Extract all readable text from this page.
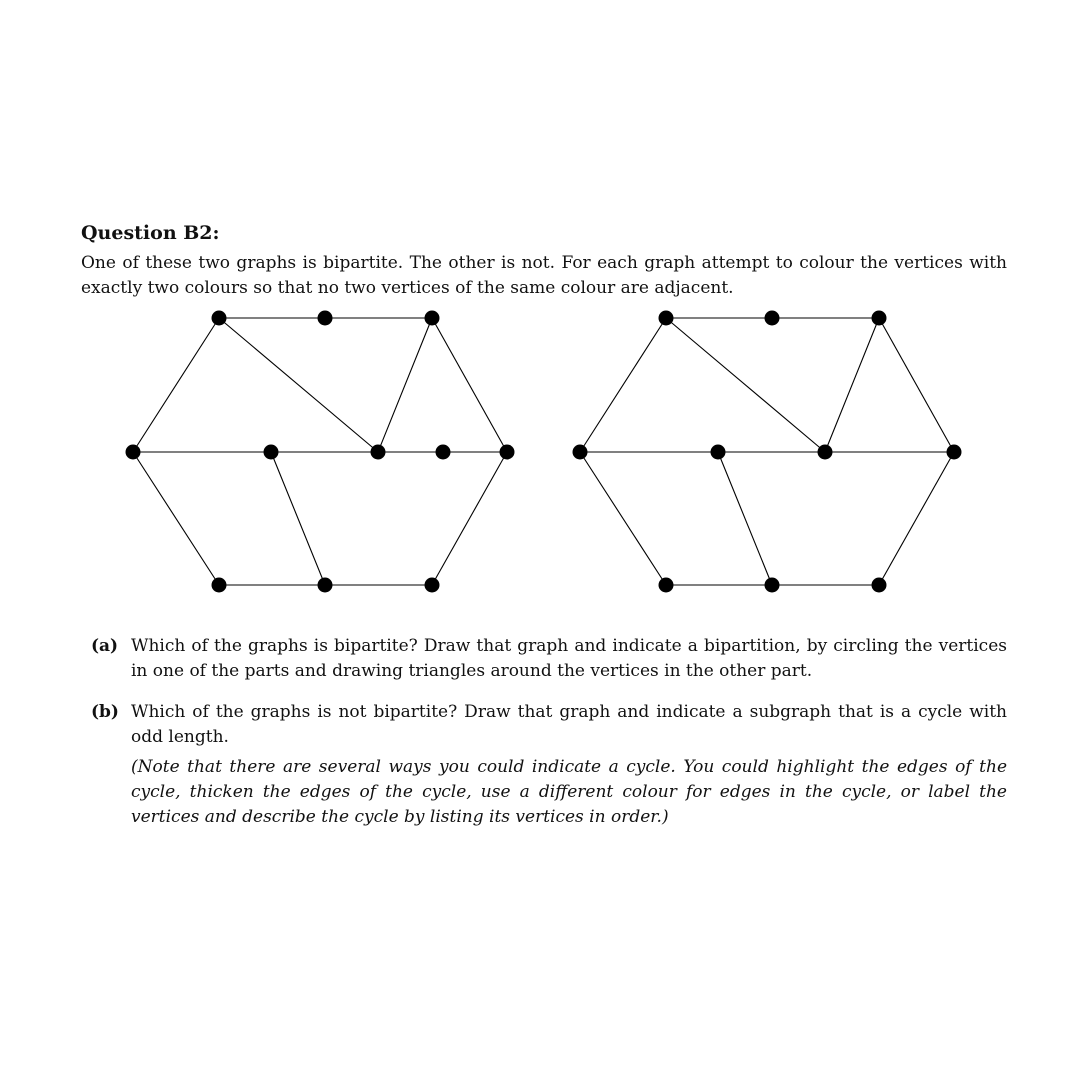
Question B2:

One of these two graphs is bipartite. The other is not. For each graph attempt to colour the vertices with exactly two colours so that no two vertices of the same colour are adjacent.

(a) Which of the graphs is bipartite? Draw that graph and indicate a bipartition, by circling the vertices in one of the parts and drawing triangles around the vertices in the other part.
(b) Which of the graphs is not bipartite? Draw that graph and indicate a subgraph that is a cycle with odd length.
(Note that there are several ways you could indicate a cycle. You could highlight the edges of the cycle, thicken the edges of the cycle, use a different colour for edges in the cycle, or label the vertices and describe the cycle by listing its vertices in order.)
